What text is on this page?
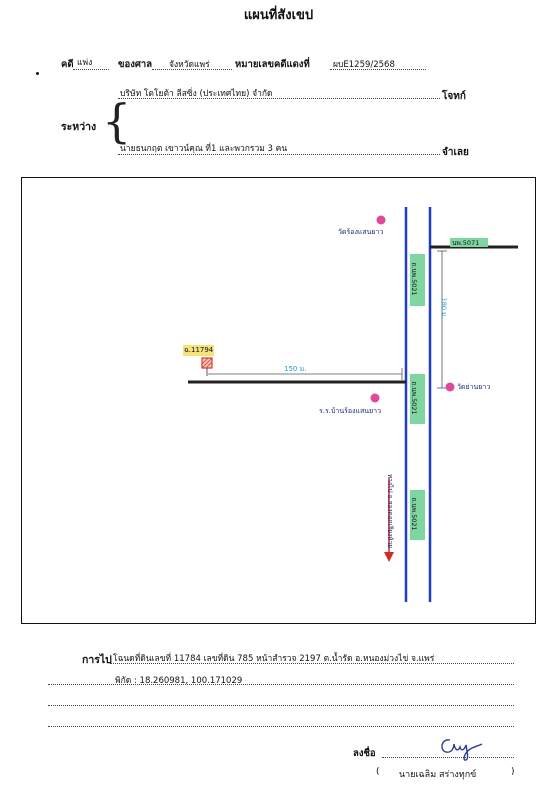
แผนที่สังเขป
คดี แพ่ง	ของศาล จังหวัดแพร่	หมายเลขคดีแดงที่	ผบE1259/2568
บริษัท โตโยต้า ลีสซิ่ง (ประเทศไทย) จำกัด	โจทก์
ระหว่าง {
นายธนกฤต เขาวน์คุณ ที่1 และพวกรวม 3 คน	จำเลย
ฉ.11794
150 ม.
วัดร้องแสนยาว
ร.ร.บ้านร้องแสนยาว
วัดย่านยาว
นพ.5071
ถ.นพ.5021
ถ.นพ.5021
ถ.นพ.5021
180 ม.
ทางไป อ.สองดอกเรียงห้วย
การไป โฉนดที่ดินเลขที่ 11784 เลขที่ดิน 785 หน้าสำรวจ 2197 ต.น้ำรัด อ.หนองม่วงไข่ จ.แพร่
พิกัด : 18.260981, 100.171029
ลงชื่อ
( นายเฉลิม สร่างทุกข์	)
